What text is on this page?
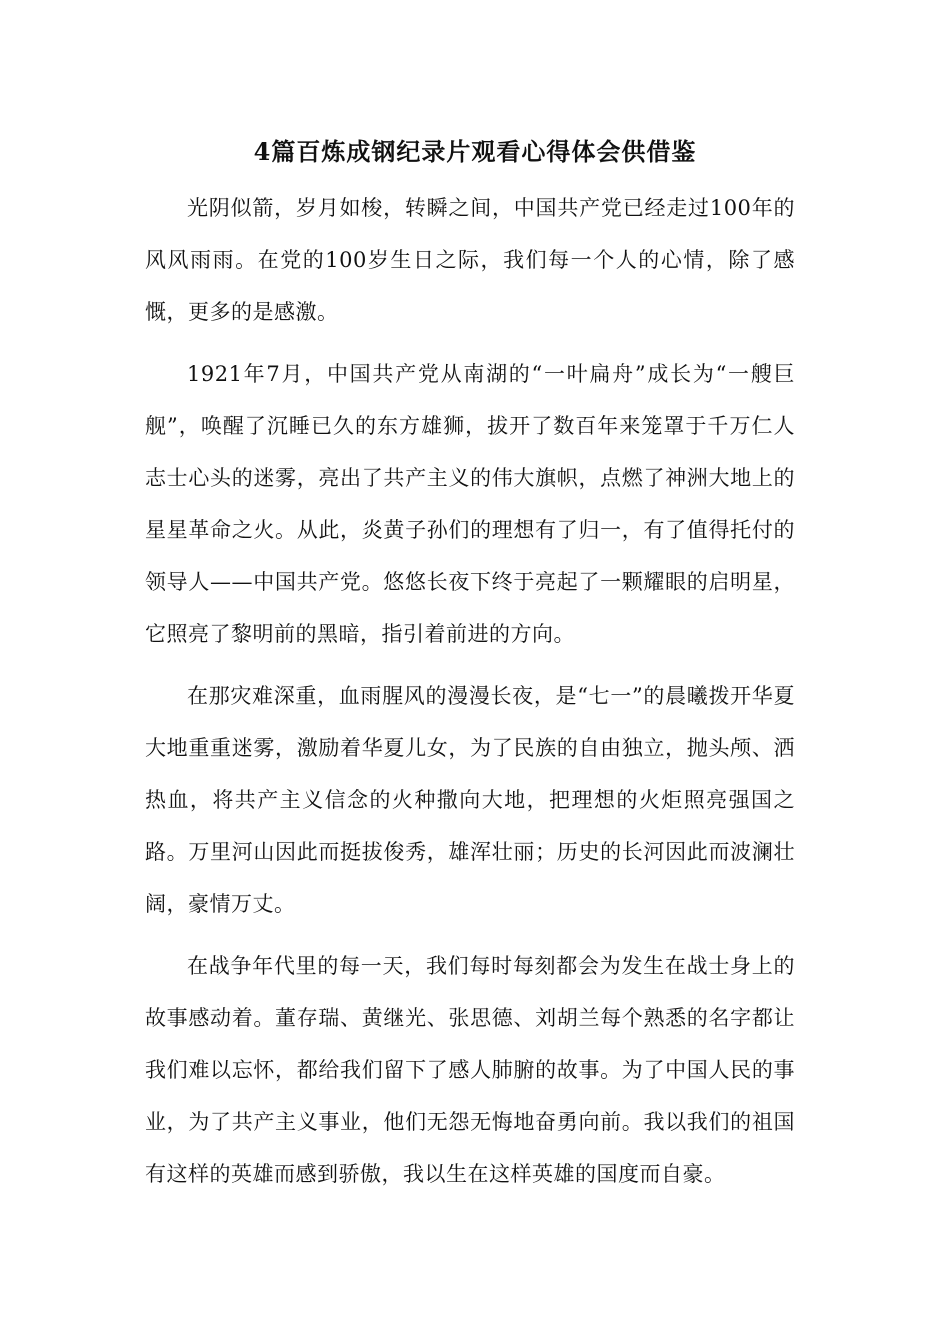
4篇百炼成钢纪录片观看心得体会供借鉴

光阴似箭，岁月如梭，转瞬之间，中国共产党已经走过100年的风风雨雨。在党的100岁生日之际，我们每一个人的心情，除了感慨，更多的是感激。

1921年7月，中国共产党从南湖的“一叶扁舟”成长为“一艘巨舰”，唤醒了沉睡已久的东方雄狮，拔开了数百年来笼罩于千万仁人志士心头的迷雾，亮出了共产主义的伟大旗帜，点燃了神洲大地上的星星革命之火。从此，炎黄子孙们的理想有了归一，有了值得托付的领导人——中国共产党。悠悠长夜下终于亮起了一颗耀眼的启明星，它照亮了黎明前的黑暗，指引着前进的方向。

在那灾难深重，血雨腥风的漫漫长夜，是“七一”的晨曦拨开华夏大地重重迷雾，激励着华夏儿女，为了民族的自由独立，抛头颅、洒热血，将共产主义信念的火种撒向大地，把理想的火炬照亮强国之路。万里河山因此而挺拔俊秀，雄浑壮丽；历史的长河因此而波澜壮阔，豪情万丈。

在战争年代里的每一天，我们每时每刻都会为发生在战士身上的故事感动着。董存瑞、黄继光、张思德、刘胡兰每个熟悉的名字都让我们难以忘怀，都给我们留下了感人肺腑的故事。为了中国人民的事业，为了共产主义事业，他们无怨无悔地奋勇向前。我以我们的祖国有这样的英雄而感到骄傲，我以生在这样英雄的国度而自豪。
